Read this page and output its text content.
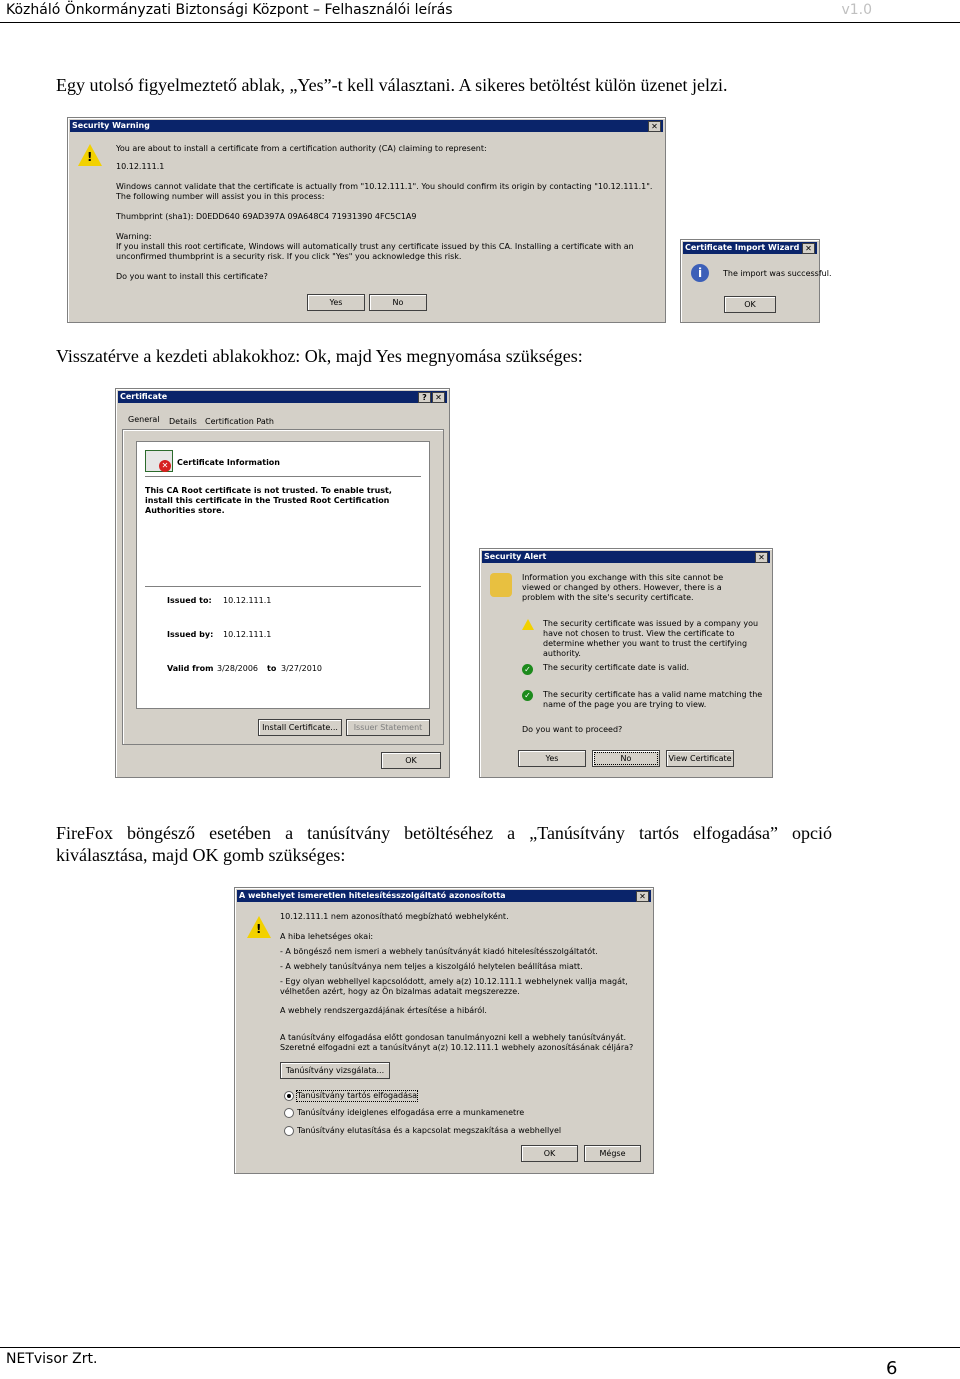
Közháló Önkormányzati Biztonsági Központ – Felhasználói leírás	v1.0
Egy utolsó figyelmeztető ablak, „Yes”-t kell választani. A sikeres betöltést külön üzenet jelzi.
Security Warning	✕
!
You are about to install a certificate from a certification authority (CA) claiming to represent:
10.12.111.1
Windows cannot validate that the certificate is actually from "10.12.111.1". You should confirm its origin by contacting "10.12.111.1". The following number will assist you in this process:
Thumbprint (sha1): D0EDD640 69AD397A 09A648C4 71931390 4FC5C1A9
Warning:
If you install this root certificate, Windows will automatically trust any certificate issued by this CA. Installing a certificate with an unconfirmed thumbprint is a security risk. If you click "Yes" you acknowledge this risk.
Do you want to install this certificate?
Yes	No
Certificate Import Wizard ✕
i	The import was successful.
OK
Visszatérve a kezdeti ablakokhoz: Ok, majd Yes megnyomása szükséges:
Certificate	?	✕
General Details Certification Path
✕	Certificate Information
This CA Root certificate is not trusted. To enable trust, install this certificate in the Trusted Root Certification Authorities store.
Issued to: 10.12.111.1
Issued by: 10.12.111.1
Valid from 3/28/2006 to 3/27/2010
Install Certificate...	Issuer Statement
OK
Security Alert	✕
Information you exchange with this site cannot be viewed or changed by others. However, there is a problem with the site's security certificate.
The security certificate was issued by a company you have not chosen to trust. View the certificate to determine whether you want to trust the certifying authority.
✓ The security certificate date is valid.
✓ The security certificate has a valid name matching the name of the page you are trying to view.
Do you want to proceed?
Yes	No	View Certificate
FireFox böngésző esetében a tanúsítvány betöltéséhez a „Tanúsítvány tartós elfogadása” opció
kiválasztása, majd OK gomb szükséges:
A webhelyet ismeretlen hitelesítésszolgáltató azonosította	✕
!
10.12.111.1 nem azonosítható megbízható webhelyként.
A hiba lehetséges okai:
- A böngésző nem ismeri a webhely tanúsítványát kiadó hitelesítésszolgáltatót.
- A webhely tanúsítványa nem teljes a kiszolgáló helytelen beállítása miatt.
- Egy olyan webhellyel kapcsolódott, amely a(z) 10.12.111.1 webhelynek vallja magát, vélhetően azért, hogy az Ön bizalmas adatait megszerezze.
A webhely rendszergazdájának értesítése a hibáról.
A tanúsítvány elfogadása előtt gondosan tanulmányozni kell a webhely tanúsítványát. Szeretné elfogadni ezt a tanúsítványt a(z) 10.12.111.1 webhely azonosításának céljára?
Tanúsítvány vizsgálata...
Tanúsítvány tartós elfogadása
Tanúsítvány ideiglenes elfogadása erre a munkamenetre
Tanúsítvány elutasítása és a kapcsolat megszakítása a webhellyel
OK	Mégse
NETvisor Zrt.	6
